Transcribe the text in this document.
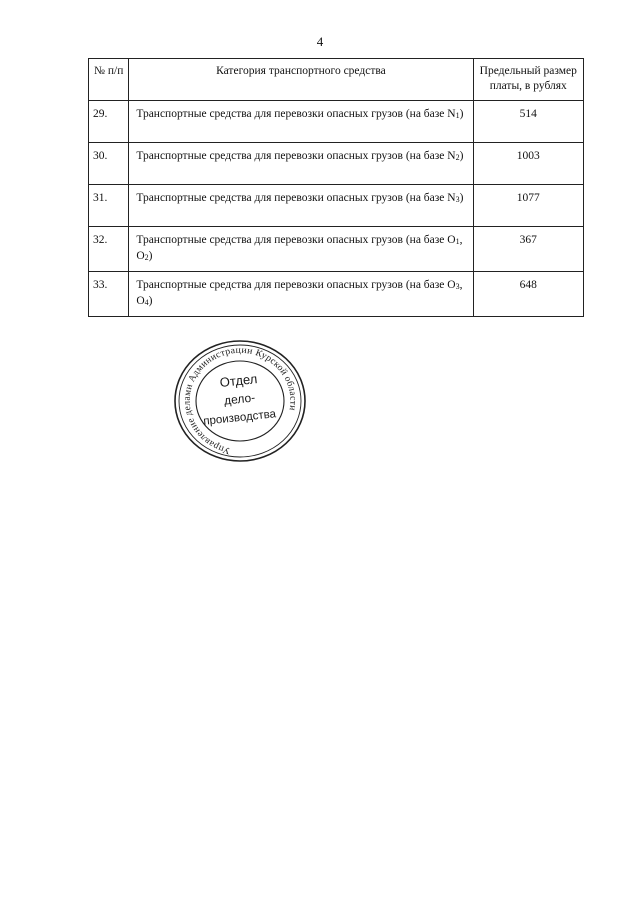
4
№ п/п	Категория транспортного средства	Предельный размер платы, в рублях
29.	Транспортные средства для перевозки опасных грузов (на базе $N_1$)	514
30.	Транспортные средства для перевозки опасных грузов (на базе $N_2$)	1003
31.	Транспортные средства для перевозки опасных грузов (на базе $N_3$)	1077
32.	Транспортные средства для перевозки опасных грузов (на базе $O_1$, $O_2$)	367
33.	Транспортные средства для перевозки опасных грузов (на базе $O_3$, $O_4$)	648
Управление делами Администрации Курской области
Отдел
дело-
производства
